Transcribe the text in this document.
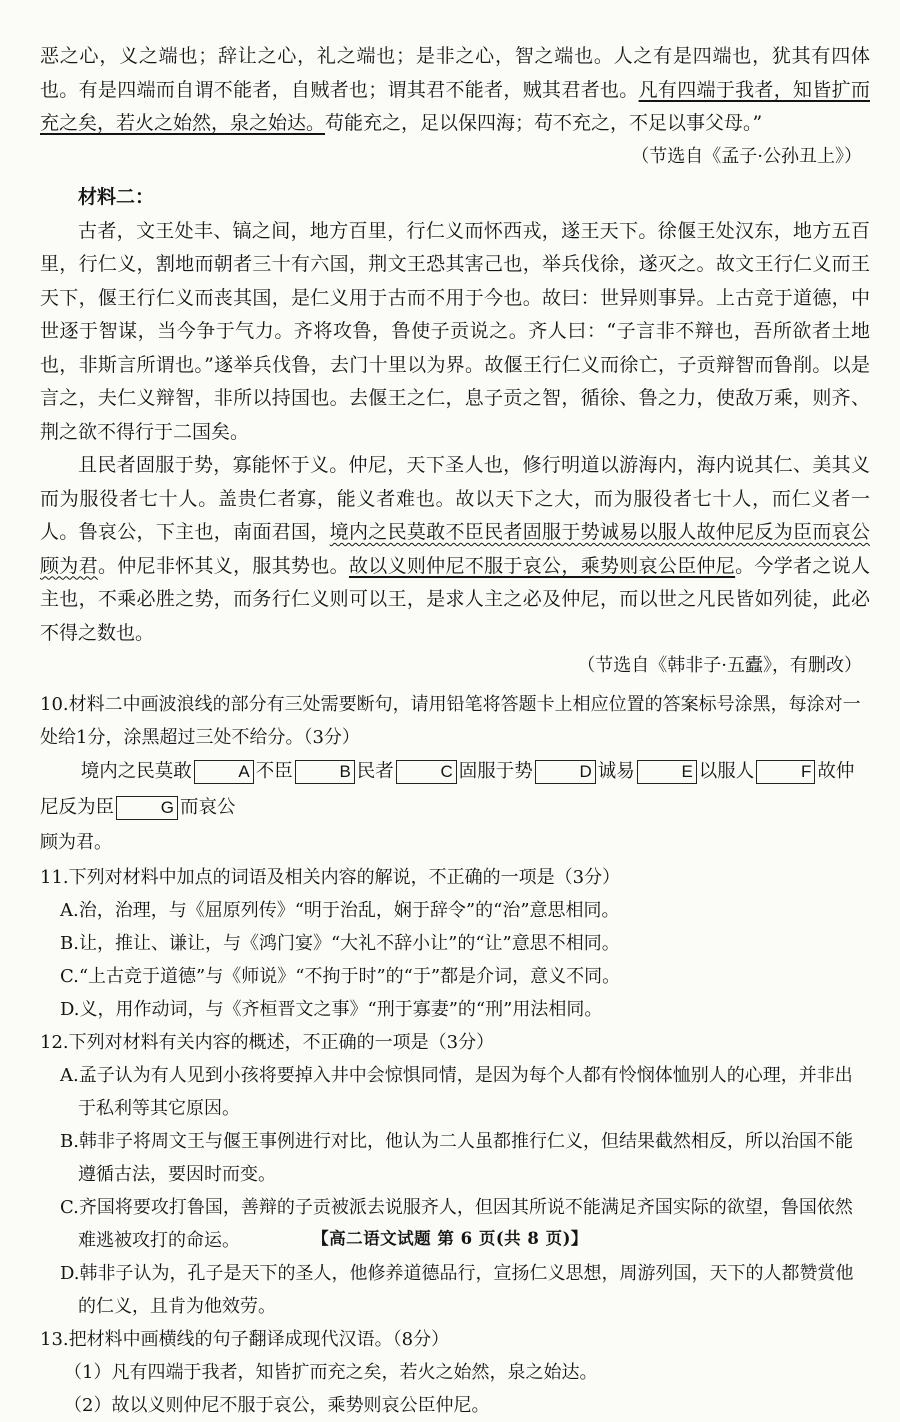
恶之心，义之端也；辞让之心，礼之端也；是非之心，智之端也。人之有是四端也，犹其有四体也。有是四端而自谓不能者，自贼者也；谓其君不能者，贼其君者也。凡有四端于我者，知皆扩而充之矣，若火之始然，泉之始达。苟能充之，足以保四海；苟不充之，不足以事父母。”

（节选自《孟子·公孙丑上》）

材料二：

古者，文王处丰、镐之间，地方百里，行仁义而怀西戎，遂王天下。徐偃王处汉东，地方五百里，行仁义，割地而朝者三十有六国，荆文王恐其害己也，举兵伐徐，遂灭之。故文王行仁义而王天下，偃王行仁义而丧其国，是仁义用于古而不用于今也。故曰：世异则事异。上古竞于道德，中世逐于智谋，当今争于气力。齐将攻鲁，鲁使子贡说之。齐人曰：“子言非不辩也，吾所欲者土地也，非斯言所谓也。”遂举兵伐鲁，去门十里以为界。故偃王行仁义而徐亡，子贡辩智而鲁削。以是言之，夫仁义辩智，非所以持国也。去偃王之仁，息子贡之智，循徐、鲁之力，使敌万乘，则齐、荆之欲不得行于二国矣。

且民者固服于势，寡能怀于义。仲尼，天下圣人也，修行明道以游海内，海内说其仁、美其义而为服役者七十人。盖贵仁者寡，能义者难也。故以天下之大，而为服役者七十人，而仁义者一人。鲁哀公，下主也，南面君国，境内之民莫敢不臣民者固服于势诚易以服人故仲尼反为臣而哀公顾为君。仲尼非怀其义，服其势也。故以义则仲尼不服于哀公，乘势则哀公臣仲尼。今学者之说人主也，不乘必胜之势，而务行仁义则可以王，是求人主之必及仲尼，而以世之凡民皆如列徒，此必不得之数也。

（节选自《韩非子·五蠹》，有删改）

10.材料二中画波浪线的部分有三处需要断句，请用铅笔将答题卡上相应位置的答案标号涂黑，每涂对一处给1分，涂黑超过三处不给分。（3分）

境内之民莫敢	A 不臣	B 民者	C 固服于势	D 诚易	E 以服人	F 故仲尼反为臣	G 而哀公

顾为君。

11.下列对材料中加点的词语及相关内容的解说，不正确的一项是（3分）

A.治，治理，与《屈原列传》“明于治乱，娴于辞令”的“治”意思相同。

B.让，推让、谦让，与《鸿门宴》“大礼不辞小让”的“让”意思不相同。

C.“上古竞于道德”与《师说》“不拘于时”的“于”都是介词，意义不同。

D.义，用作动词，与《齐桓晋文之事》“刑于寡妻”的“刑”用法相同。

12.下列对材料有关内容的概述，不正确的一项是（3分）

A.孟子认为有人见到小孩将要掉入井中会惊惧同情，是因为每个人都有怜悯体恤别人的心理，并非出于私利等其它原因。

B.韩非子将周文王与偃王事例进行对比，他认为二人虽都推行仁义，但结果截然相反，所以治国不能遵循古法，要因时而变。

C.齐国将要攻打鲁国，善辩的子贡被派去说服齐人，但因其所说不能满足齐国实际的欲望，鲁国依然难逃被攻打的命运。

D.韩非子认为，孔子是天下的圣人，他修养道德品行，宣扬仁义思想，周游列国，天下的人都赞赏他的仁义，且肯为他效劳。

13.把材料中画横线的句子翻译成现代汉语。（8分）

（1）凡有四端于我者，知皆扩而充之矣，若火之始然，泉之始达。

（2）故以义则仲尼不服于哀公，乘势则哀公臣仲尼。

【高二语文试题 第 6 页(共 8 页)】
